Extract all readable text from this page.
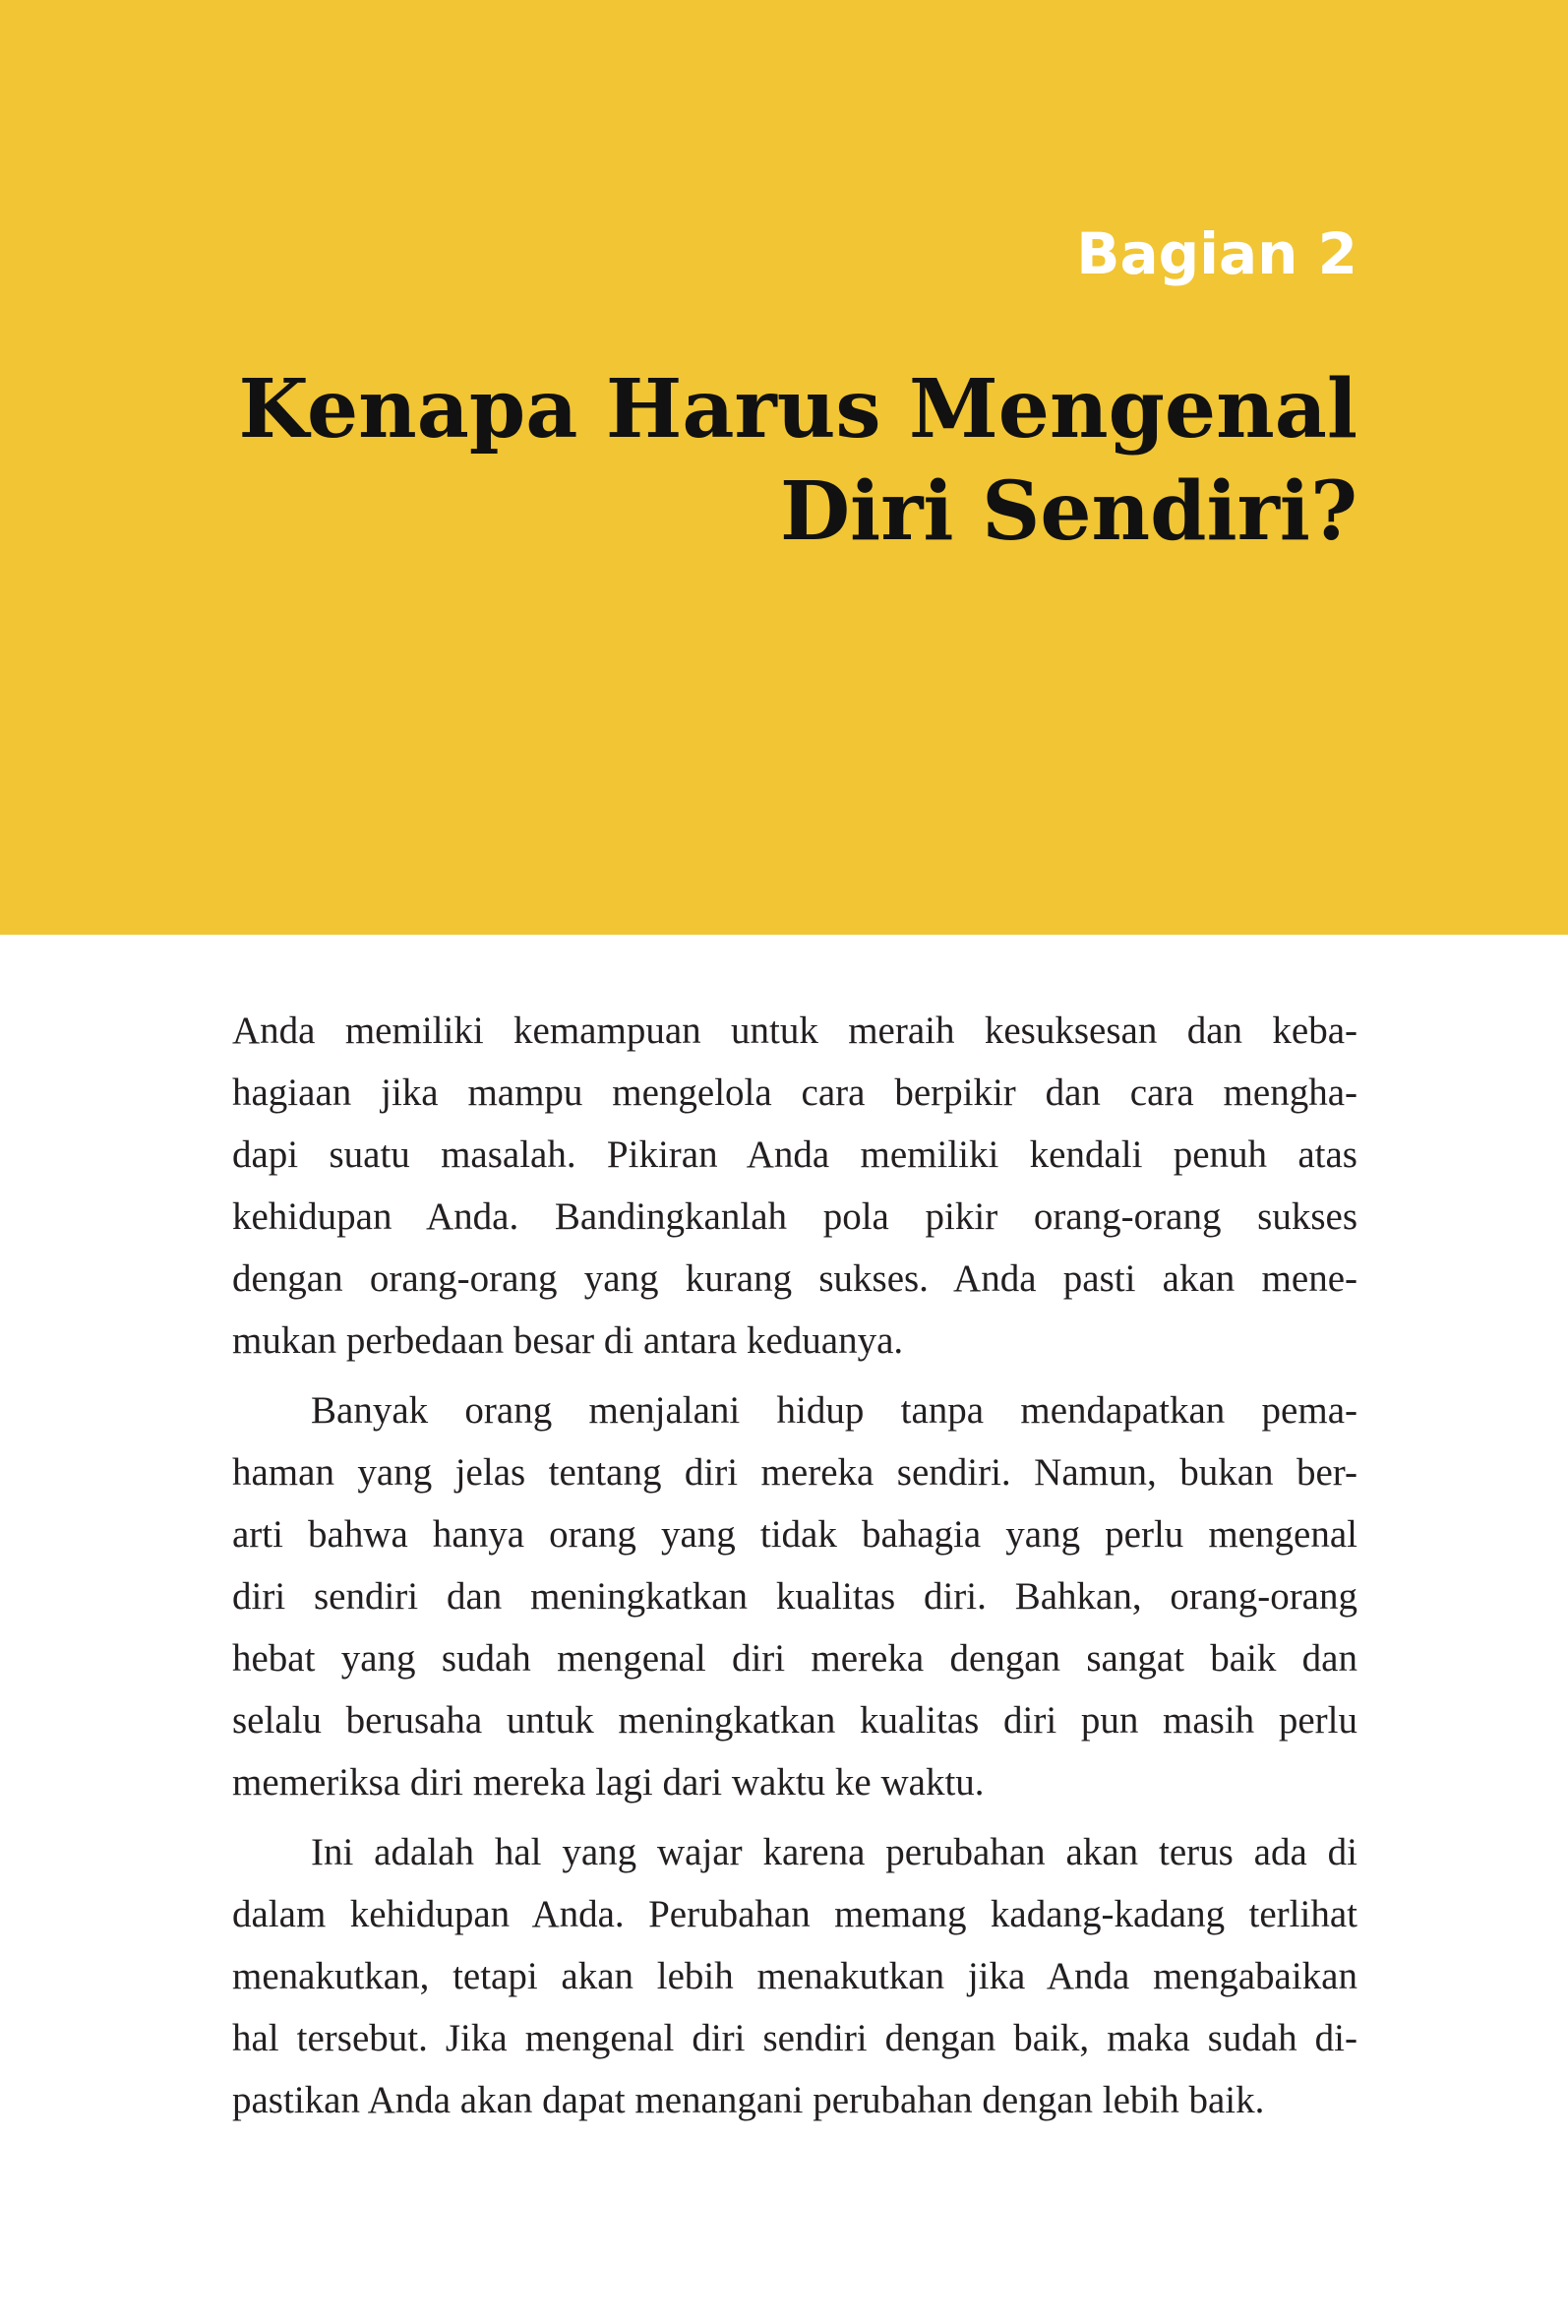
Bagian 2
Kenapa Harus Mengenal
Diri Sendiri?

Anda memiliki kemampuan untuk meraih kesuksesan dan keba-
hagiaan jika mampu mengelola cara berpikir dan cara mengha-
dapi suatu masalah. Pikiran Anda memiliki kendali penuh atas
kehidupan Anda. Bandingkanlah pola pikir orang-orang sukses
dengan orang-orang yang kurang sukses. Anda pasti akan mene-
mukan perbedaan besar di antara keduanya.

Banyak orang menjalani hidup tanpa mendapatkan pema-
haman yang jelas tentang diri mereka sendiri. Namun, bukan ber-
arti bahwa hanya orang yang tidak bahagia yang perlu mengenal
diri sendiri dan meningkatkan kualitas diri. Bahkan, orang-orang
hebat yang sudah mengenal diri mereka dengan sangat baik dan
selalu berusaha untuk meningkatkan kualitas diri pun masih perlu
memeriksa diri mereka lagi dari waktu ke waktu.

Ini adalah hal yang wajar karena perubahan akan terus ada di
dalam kehidupan Anda. Perubahan memang kadang-kadang terlihat
menakutkan, tetapi akan lebih menakutkan jika Anda mengabaikan
hal tersebut. Jika mengenal diri sendiri dengan baik, maka sudah di-
pastikan Anda akan dapat menangani perubahan dengan lebih baik.
